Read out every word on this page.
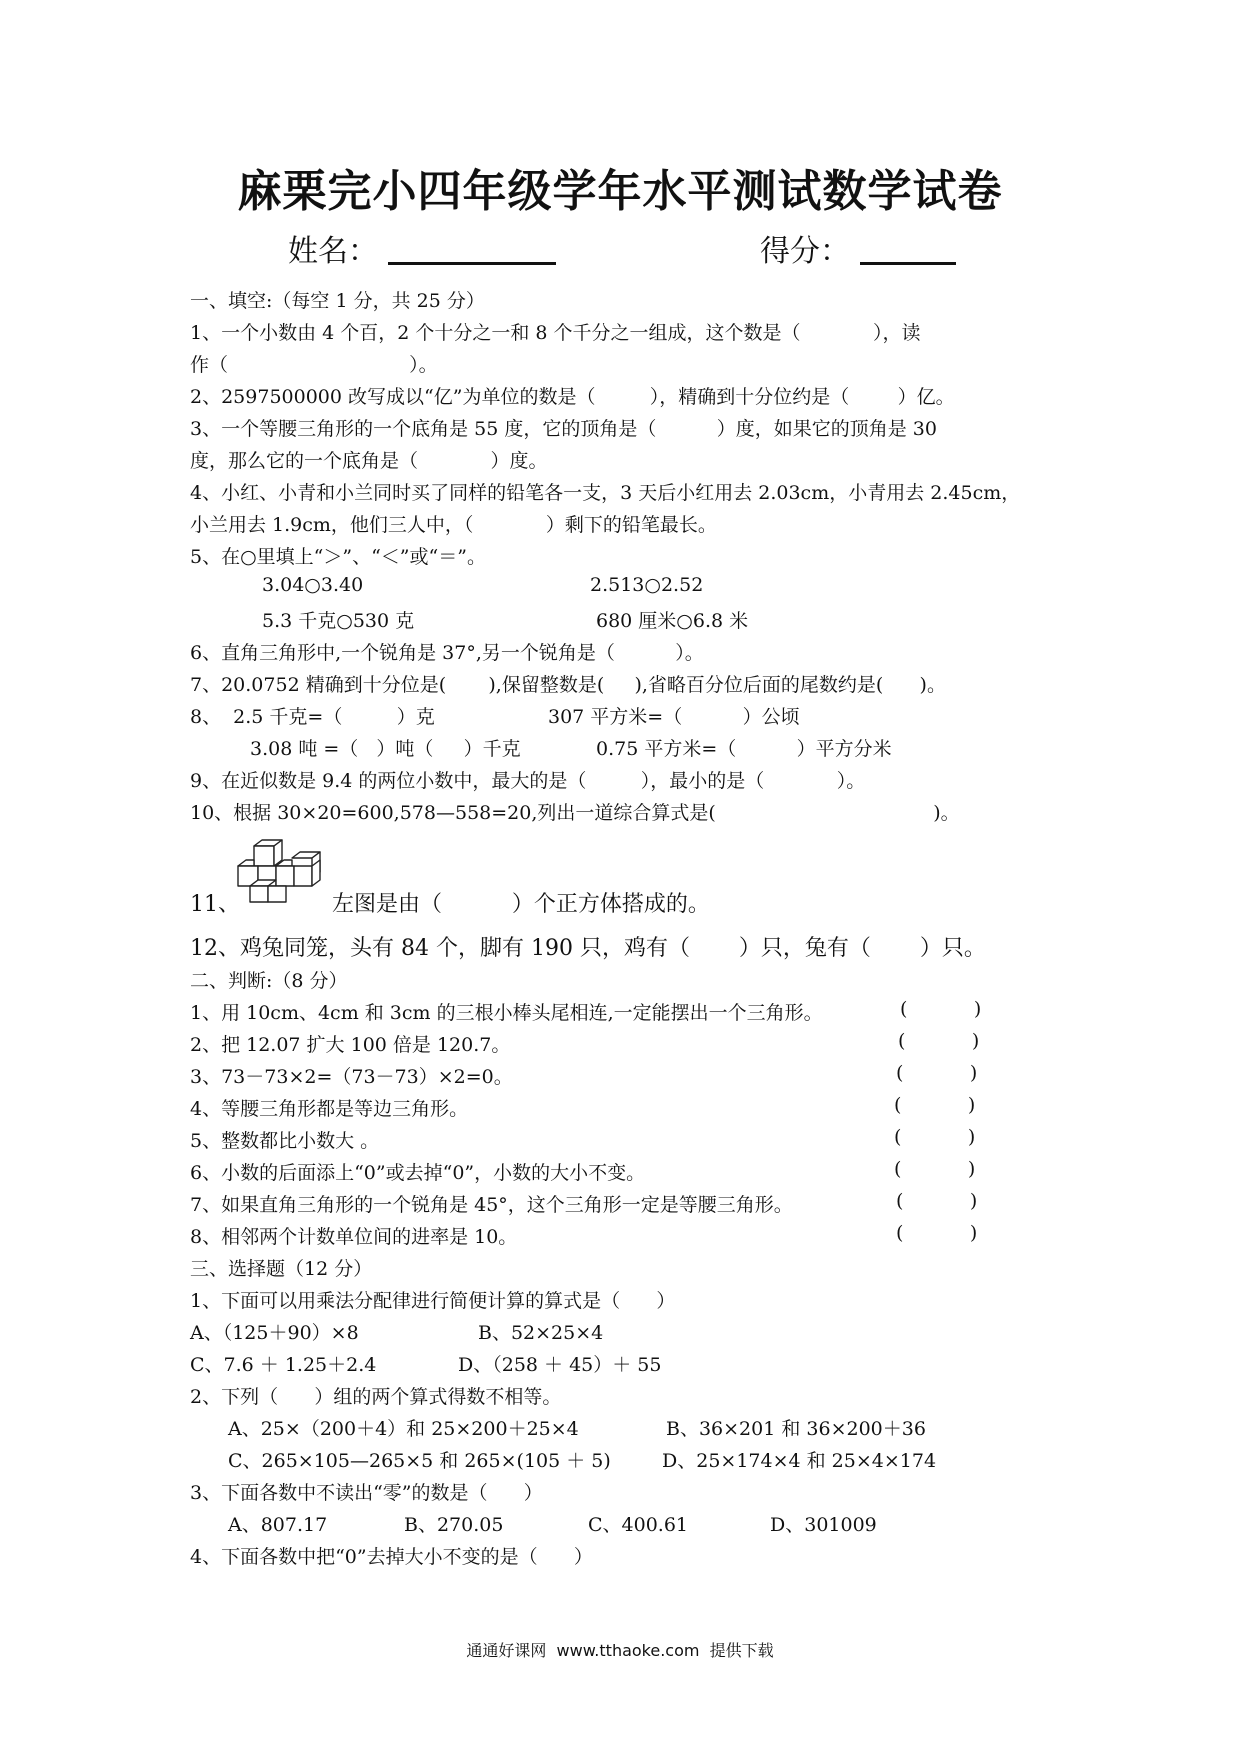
麻栗完小四年级学年水平测试数学试卷
姓名：	得分：
一、填空:（每空 1 分，共 25 分）
1、一个小数由 4 个百，2 个十分之一和 8 个千分之一组成，这个数是（            ），读
作（                              ）。
2、2597500000 改写成以“亿”为单位的数是（         ），精确到十分位约是（        ）亿。
3、一个等腰三角形的一个底角是 55 度，它的顶角是（          ）度，如果它的顶角是 30
度，那么它的一个底角是（            ）度。
4、小红、小青和小兰同时买了同样的铅笔各一支，3 天后小红用去 2.03cm，小青用去 2.45cm，
小兰用去 1.9cm，他们三人中，（            ）剩下的铅笔最长。
5、在○里填上“＞”、“＜”或“＝”。
3.04○3.40	2.513○2.52
5.3 千克○530 克	680 厘米○6.8 米
6、直角三角形中,一个锐角是 37°,另一个锐角是（          ）。
7、20.0752 精确到十分位是(       ),保留整数是(     ),省略百分位后面的尾数约是(      )。
8、  2.5 千克=（         ）克	307 平方米=（          ）公顷
3.08 吨 =（   ）吨（     ）千克	0.75 平方米=（          ）平方分米
9、在近似数是 9.4 的两位小数中，最大的是（         ），最小的是（            ）。
10、根据 30×20=600,578—558=20,列出一道综合算式是(                                    )。
11、	左图是由（          ）个正方体搭成的。
12、鸡兔同笼，头有 84 个，脚有 190 只，鸡有（       ）只，兔有（       ）只。
二、判断:（8 分）
1、用 10cm、4cm 和 3cm 的三根小棒头尾相连,一定能摆出一个三角形。	(           )
2、把 12.07 扩大 100 倍是 120.7。	(           )
3、73－73×2=（73－73）×2=0。	(           )
4、等腰三角形都是等边三角形。	(           )
5、整数都比小数大 。	(           )
6、小数的后面添上“0”或去掉“0”，小数的大小不变。	(           )
7、如果直角三角形的一个锐角是 45°，这个三角形一定是等腰三角形。	(           )
8、相邻两个计数单位间的进率是 10。	(           )
三、选择题（12 分）
1、下面可以用乘法分配律进行简便计算的算式是（      ）
A、（125＋90）×8	B、52×25×4
C、7.6 ＋ 1.25＋2.4	D、（258 ＋ 45）＋ 55
2、下列（      ）组的两个算式得数不相等。
A、25×（200＋4）和 25×200＋25×4	B、36×201 和 36×200＋36
C、265×105—265×5 和 265×(105 ＋ 5)	D、25×174×4 和 25×4×174
3、下面各数中不读出“零”的数是（      ）
A、807.17	B、270.05	C、400.61	D、301009
4、下面各数中把“0”去掉大小不变的是（      ）
通通好课网  www.tthaoke.com  提供下载
